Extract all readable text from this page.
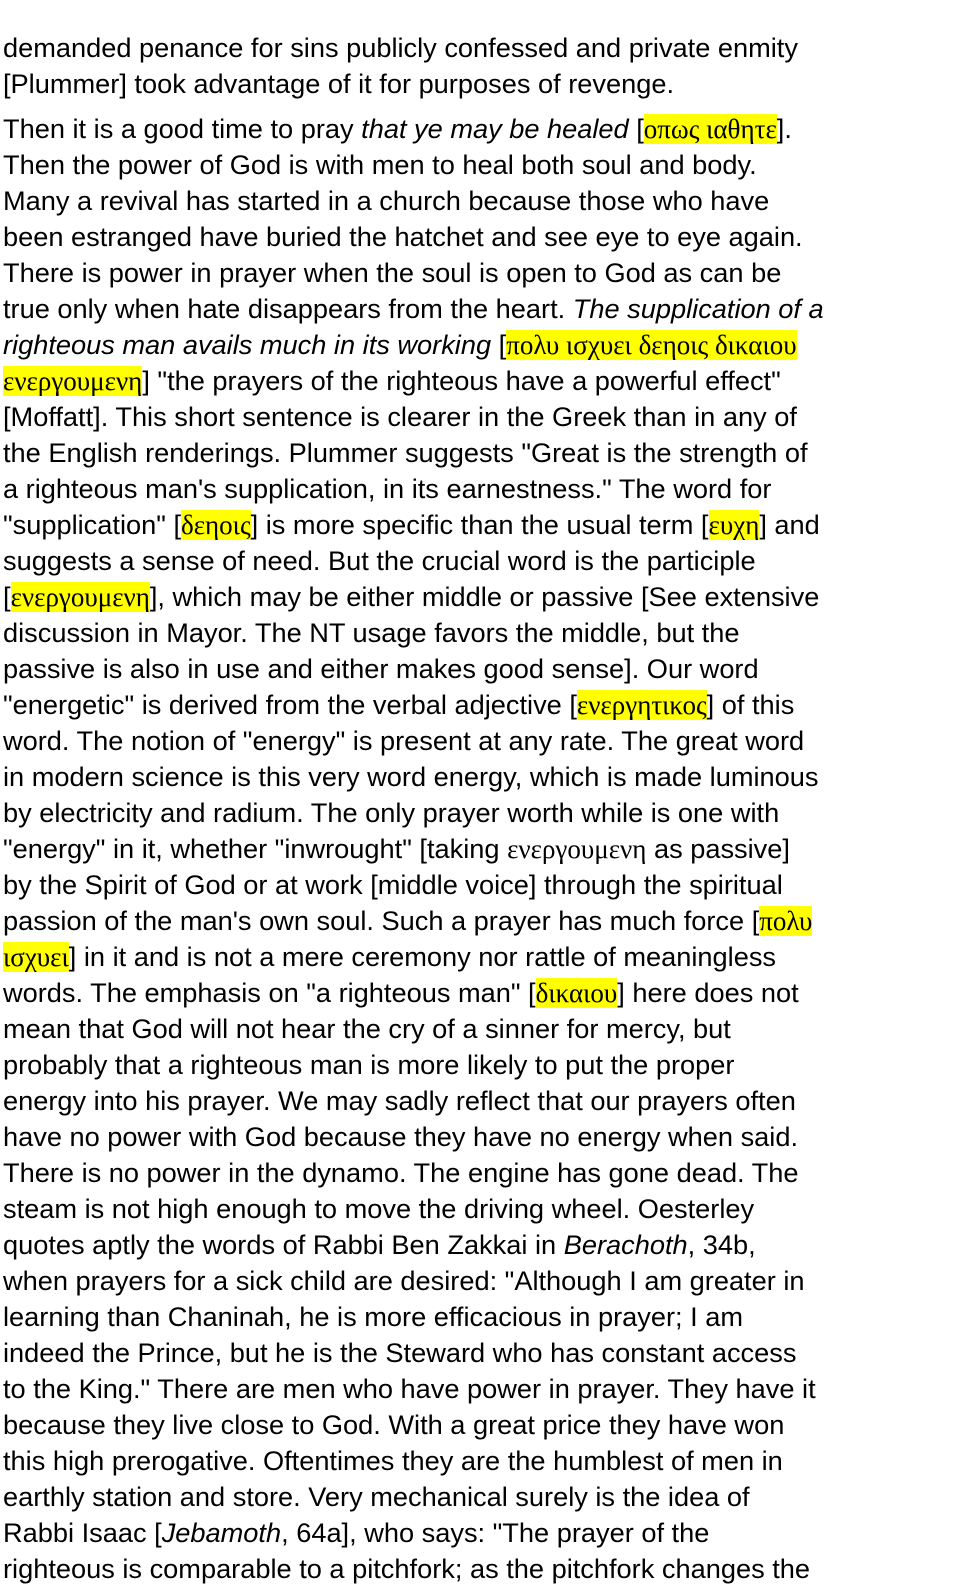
demanded penance for sins publicly confessed and private enmity
[Plummer] took advantage of it for purposes of revenge.
Then it is a good time to pray that ye may be healed [οπως ιαθητε].
Then the power of God is with men to heal both soul and body.
Many a revival has started in a church because those who have
been estranged have buried the hatchet and see eye to eye again.
There is power in prayer when the soul is open to God as can be
true only when hate disappears from the heart. The supplication of a
righteous man avails much in its working [πολυ ισχυει δεηοις δικαιου
ενεργουμενη] "the prayers of the righteous have a powerful effect"
[Moffatt]. This short sentence is clearer in the Greek than in any of
the English renderings. Plummer suggests "Great is the strength of
a righteous man's supplication, in its earnestness." The word for
"supplication" [δεηοις] is more specific than the usual term [ευχη] and
suggests a sense of need. But the crucial word is the participle
[ενεργουμενη], which may be either middle or passive [See extensive
discussion in Mayor. The NT usage favors the middle, but the
passive is also in use and either makes good sense]. Our word
"energetic" is derived from the verbal adjective [ενεργητικος] of this
word. The notion of "energy" is present at any rate. The great word
in modern science is this very word energy, which is made luminous
by electricity and radium. The only prayer worth while is one with
"energy" in it, whether "inwrought" [taking ενεργουμενη as passive]
by the Spirit of God or at work [middle voice] through the spiritual
passion of the man's own soul. Such a prayer has much force [πολυ
ισχυει] in it and is not a mere ceremony nor rattle of meaningless
words. The emphasis on "a righteous man" [δικαιου] here does not
mean that God will not hear the cry of a sinner for mercy, but
probably that a righteous man is more likely to put the proper
energy into his prayer. We may sadly reflect that our prayers often
have no power with God because they have no energy when said.
There is no power in the dynamo. The engine has gone dead. The
steam is not high enough to move the driving wheel. Oesterley
quotes aptly the words of Rabbi Ben Zakkai in Berachoth, 34b,
when prayers for a sick child are desired: "Although I am greater in
learning than Chaninah, he is more efficacious in prayer; I am
indeed the Prince, but he is the Steward who has constant access
to the King." There are men who have power in prayer. They have it
because they live close to God. With a great price they have won
this high prerogative. Oftentimes they are the humblest of men in
earthly station and store. Very mechanical surely is the idea of
Rabbi Isaac [Jebamoth, 64a], who says: "The prayer of the
righteous is comparable to a pitchfork; as the pitchfork changes the
